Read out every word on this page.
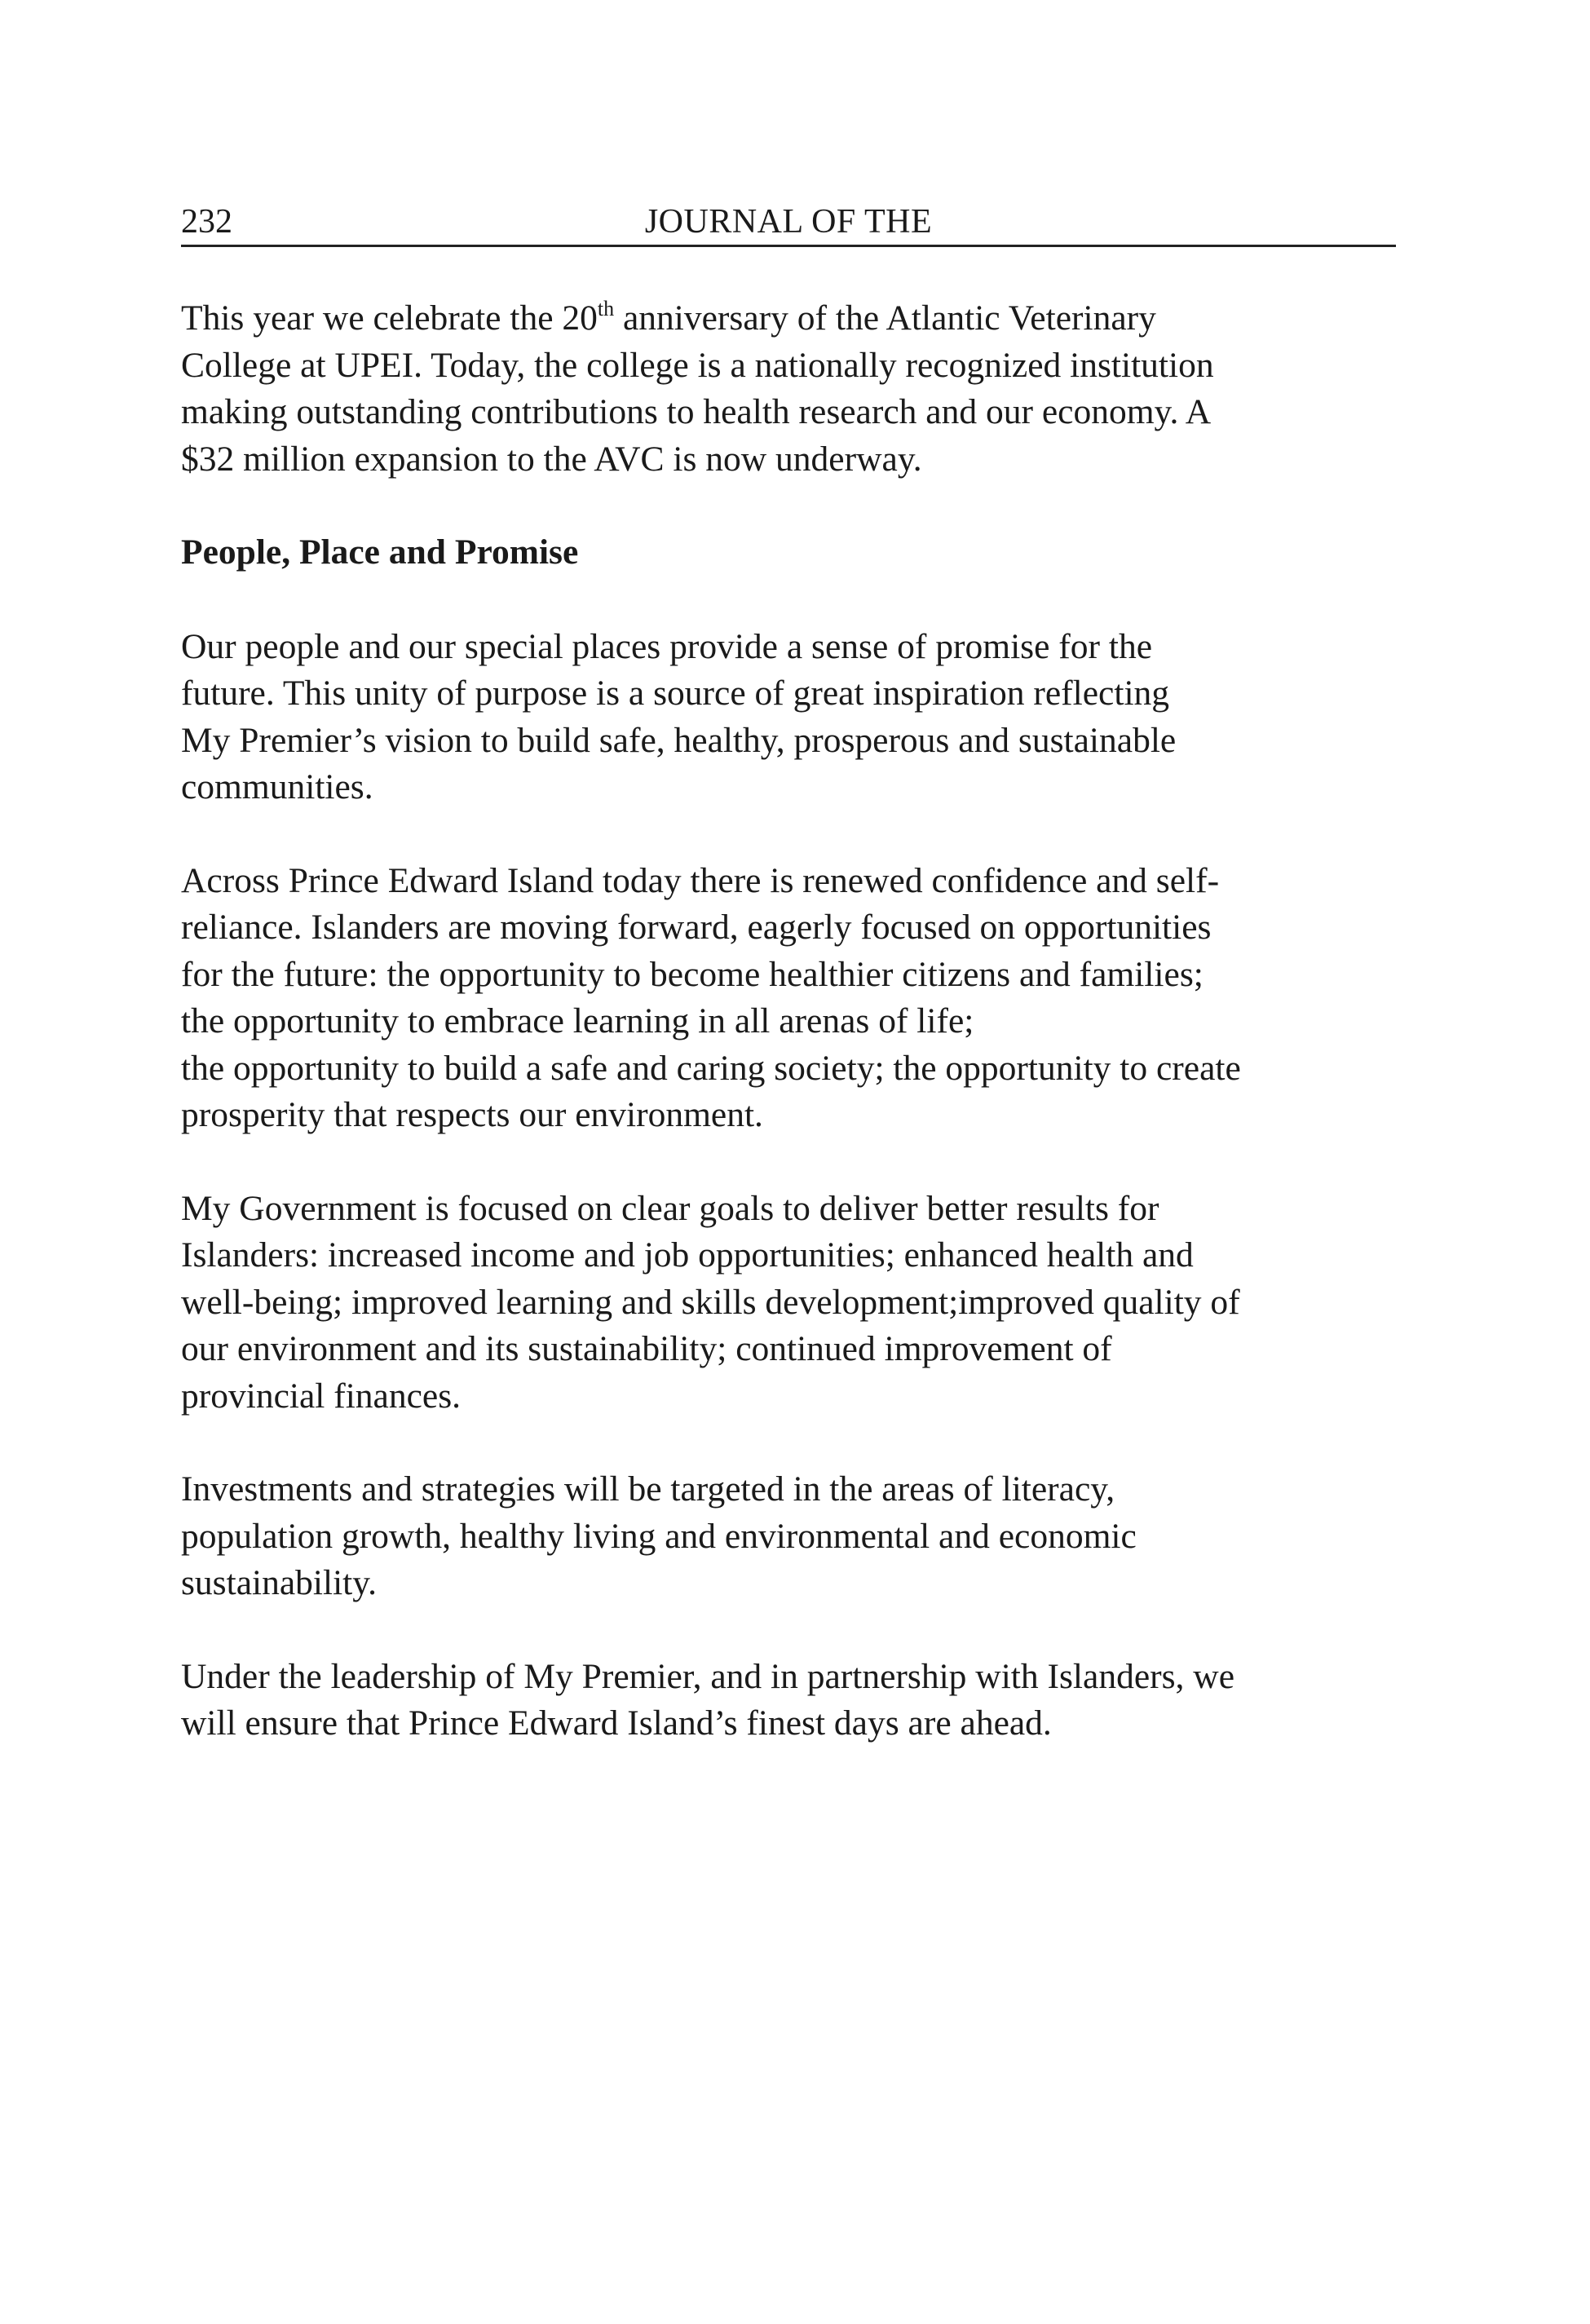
232	JOURNAL OF THE

This year we celebrate the 20th anniversary of the Atlantic Veterinary
College at UPEI. Today, the college is a nationally recognized institution
making outstanding contributions to health research and our economy. A
$32 million expansion to the AVC is now underway.

People, Place and Promise

Our people and our special places provide a sense of promise for the
future. This unity of purpose is a source of great inspiration reflecting
My Premier’s vision to build safe, healthy, prosperous and sustainable
communities.

Across Prince Edward Island today there is renewed confidence and self-
reliance. Islanders are moving forward, eagerly focused on opportunities
for the future: the opportunity to become healthier citizens and families;
the opportunity to embrace learning in all arenas of life;
the opportunity to build a safe and caring society; the opportunity to create
prosperity that respects our environment.

My Government is focused on clear goals to deliver better results for
Islanders: increased income and job opportunities; enhanced health and
well-being; improved learning and skills development;improved quality of
our environment and its sustainability; continued improvement of
provincial finances.

Investments and strategies will be targeted in the areas of literacy,
population growth, healthy living and environmental and economic
sustainability.

Under the leadership of My Premier, and in partnership with Islanders, we
will ensure that Prince Edward Island’s finest days are ahead.
